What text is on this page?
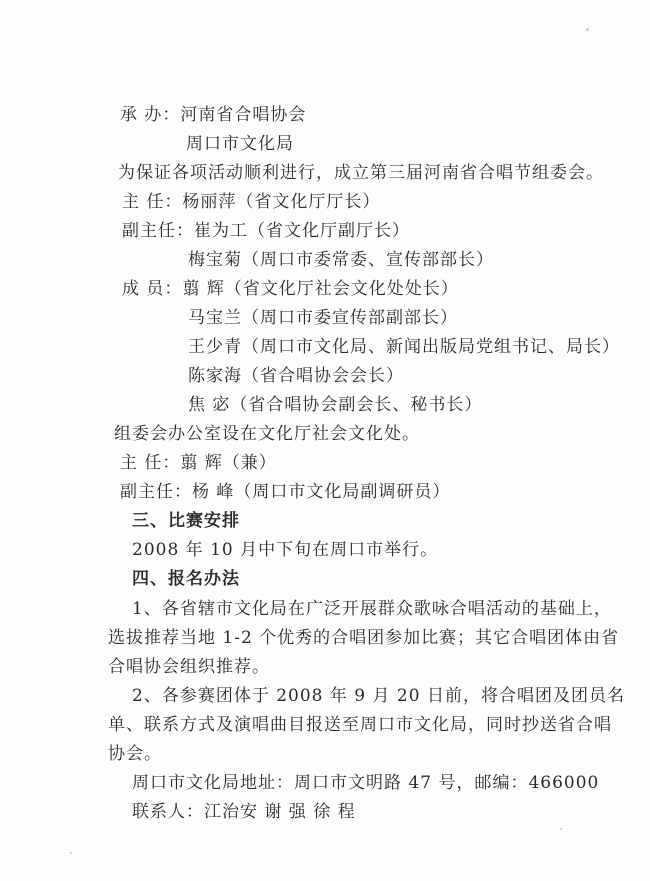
承 办：河南省合唱协会
周口市文化局
为保证各项活动顺利进行，成立第三届河南省合唱节组委会。
主 任：杨丽萍（省文化厅厅长）
副主任：崔为工（省文化厅副厅长）
梅宝菊（周口市委常委、宣传部部长）
成 员：翦 辉（省文化厅社会文化处处长）
马宝兰（周口市委宣传部副部长）
王少青（周口市文化局、新闻出版局党组书记、局长）
陈家海（省合唱协会会长）
焦 宓（省合唱协会副会长、秘书长）
组委会办公室设在文化厅社会文化处。
主 任：翦 辉（兼）
副主任：杨 峰（周口市文化局副调研员）
三、比赛安排
2008 年 10 月中下旬在周口市举行。
四、报名办法
1、各省辖市文化局在广泛开展群众歌咏合唱活动的基础上，
选拔推荐当地 1-2 个优秀的合唱团参加比赛；其它合唱团体由省
合唱协会组织推荐。
2、各参赛团体于 2008 年 9 月 20 日前，将合唱团及团员名
单、联系方式及演唱曲目报送至周口市文化局，同时抄送省合唱
协会。
周口市文化局地址：周口市文明路 47 号，邮编：466000
联系人：江治安 谢 强 徐 程
